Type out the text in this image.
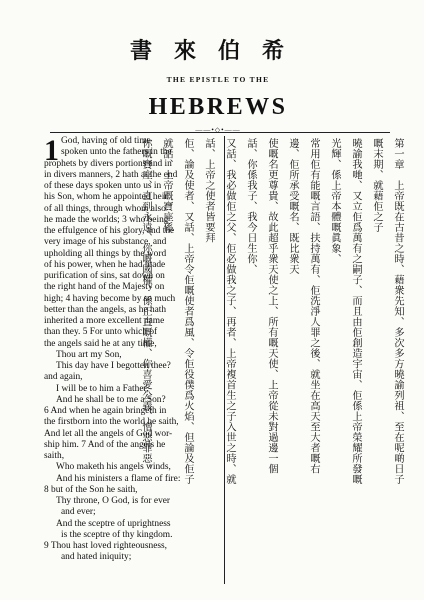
書來伯希
THE EPISTLE TO THE
HEBREWS
——•◇•——
1 God, having of old time
spoken unto the fathers in the
prophets by divers portions and in
in divers manners, 2 hath at the end
of these days spoken unto us in
his Son, whom he appointed heir
of all things, through whom also
he made the worlds; 3 who being
the effulgence of his glory, and the
very image of his substance, and
upholding all things by the word
of his power, when he had made
purification of sins, sat down on
the right hand of the Majesty on
high; 4 having become by so much
better than the angels, as he hath
inherited a more excellent name
than they. 5 For unto which of
the angels said he at any time,
Thou art my Son,
This day have I begotten thee?
and again,
I will be to him a Father,
And he shall be to me a Son?
6 And when he again bringeth in
the firstborn into the world he saith,
And let all the angels of God wor-
ship him. 7 And of the angels he
saith,
Who maketh his angels winds,
And his ministers a flame of fire:
8 but of the Son he saith,
Thy throne, O God, is for ever
and ever;
And the sceptre of uprightness
is the sceptre of thy kingdom.
9 Thou hast loved righteousness,
and hated iniquity;
第一章　上帝既在古昔之時、藉衆先知、多次多方曉諭列祖、至在呢啲日子嘅末期、就藉佢之子
曉諭我哋、又立佢爲萬有之嗣子、而且由佢創造宇宙、佢係上帝榮耀所發嘅光輝、係上帝本體嘅眞象、
常用佢有能嘅言語、扶持萬有、佢洗淨人罪之後、就坐在高天至大者嘅右邊、佢所承受嘅名、既比衆天
使嘅名更尊貴、故此超乎衆天使之上、所有嘅天使、上帝從未對過邊一個話、你係我子、我今日生你、
又話、我必做佢之父、佢必做我之子、再者、上帝複首生之子入世之時、就話、上帝之使者皆要拜
佢、論及使者、又話、上帝令佢嘅使者爲風、令佢役僕爲火焰、但論及佢子就話、上帝嘅寶座係
你嘅寶座、直到永遠、你嘅國權、係正直嘅權、你喜愛公義、憎惡罪惡、
